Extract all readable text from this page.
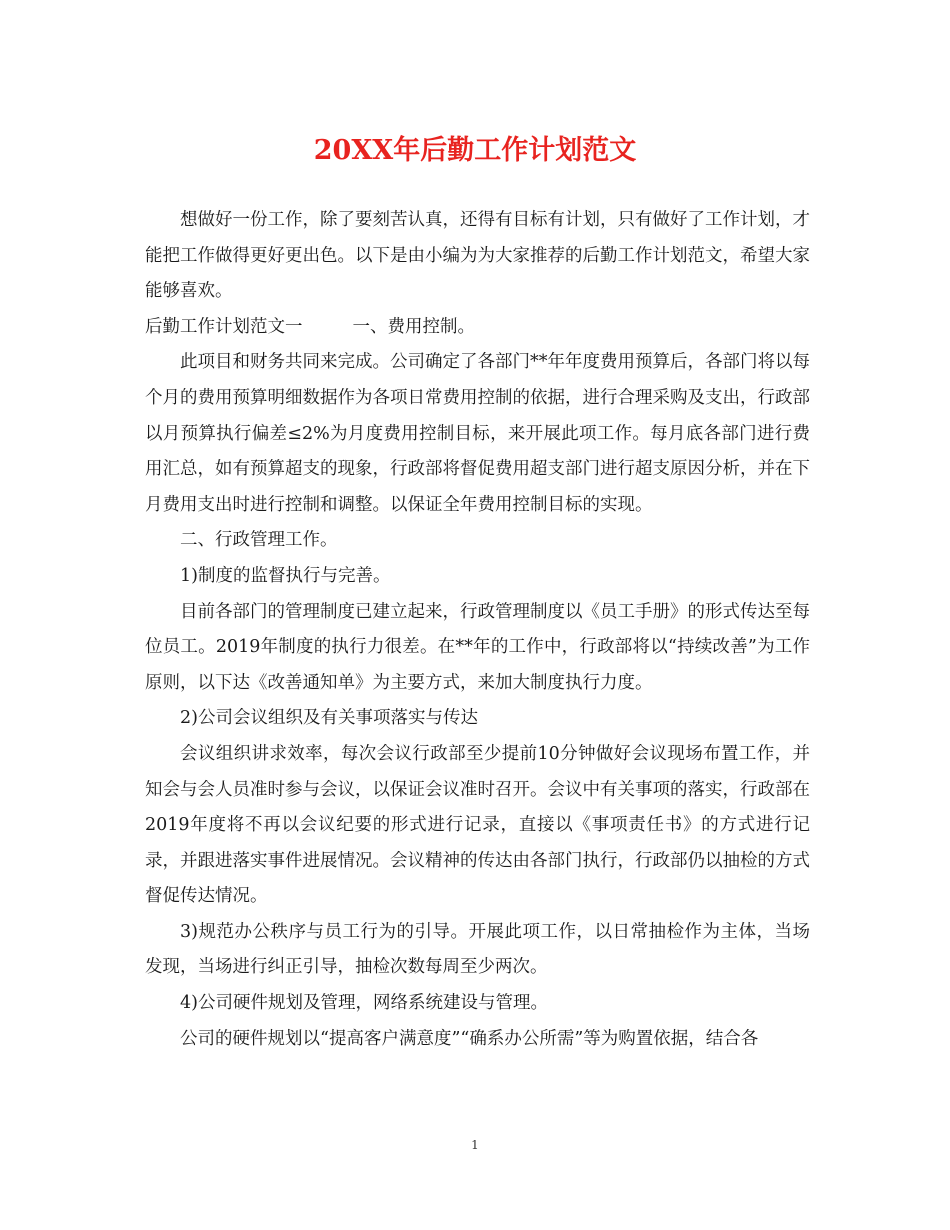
20XX年后勤工作计划范文

想做好一份工作，除了要刻苦认真，还得有目标有计划，只有做好了工作计划，才能把工作做得更好更出色。以下是由小编为为大家推荐的后勤工作计划范文，希望大家能够喜欢。

后勤工作计划范文一	一、费用控制。

此项目和财务共同来完成。公司确定了各部门**年年度费用预算后，各部门将以每个月的费用预算明细数据作为各项日常费用控制的依据，进行合理采购及支出，行政部以月预算执行偏差≤2%为月度费用控制目标，来开展此项工作。每月底各部门进行费用汇总，如有预算超支的现象，行政部将督促费用超支部门进行超支原因分析，并在下月费用支出时进行控制和调整。以保证全年费用控制目标的实现。

二、行政管理工作。

1)制度的监督执行与完善。

目前各部门的管理制度已建立起来，行政管理制度以《员工手册》的形式传达至每位员工。2019年制度的执行力很差。在**年的工作中，行政部将以“持续改善”为工作原则，以下达《改善通知单》为主要方式，来加大制度执行力度。

2)公司会议组织及有关事项落实与传达

会议组织讲求效率，每次会议行政部至少提前10分钟做好会议现场布置工作，并知会与会人员准时参与会议，以保证会议准时召开。会议中有关事项的落实，行政部在2019年度将不再以会议纪要的形式进行记录，直接以《事项责任书》的方式进行记录，并跟进落实事件进展情况。会议精神的传达由各部门执行，行政部仍以抽检的方式督促传达情况。

3)规范办公秩序与员工行为的引导。开展此项工作，以日常抽检作为主体，当场发现，当场进行纠正引导，抽检次数每周至少两次。

4)公司硬件规划及管理，网络系统建设与管理。

公司的硬件规划以“提高客户满意度”“确系办公所需”等为购置依据，结合各

1
